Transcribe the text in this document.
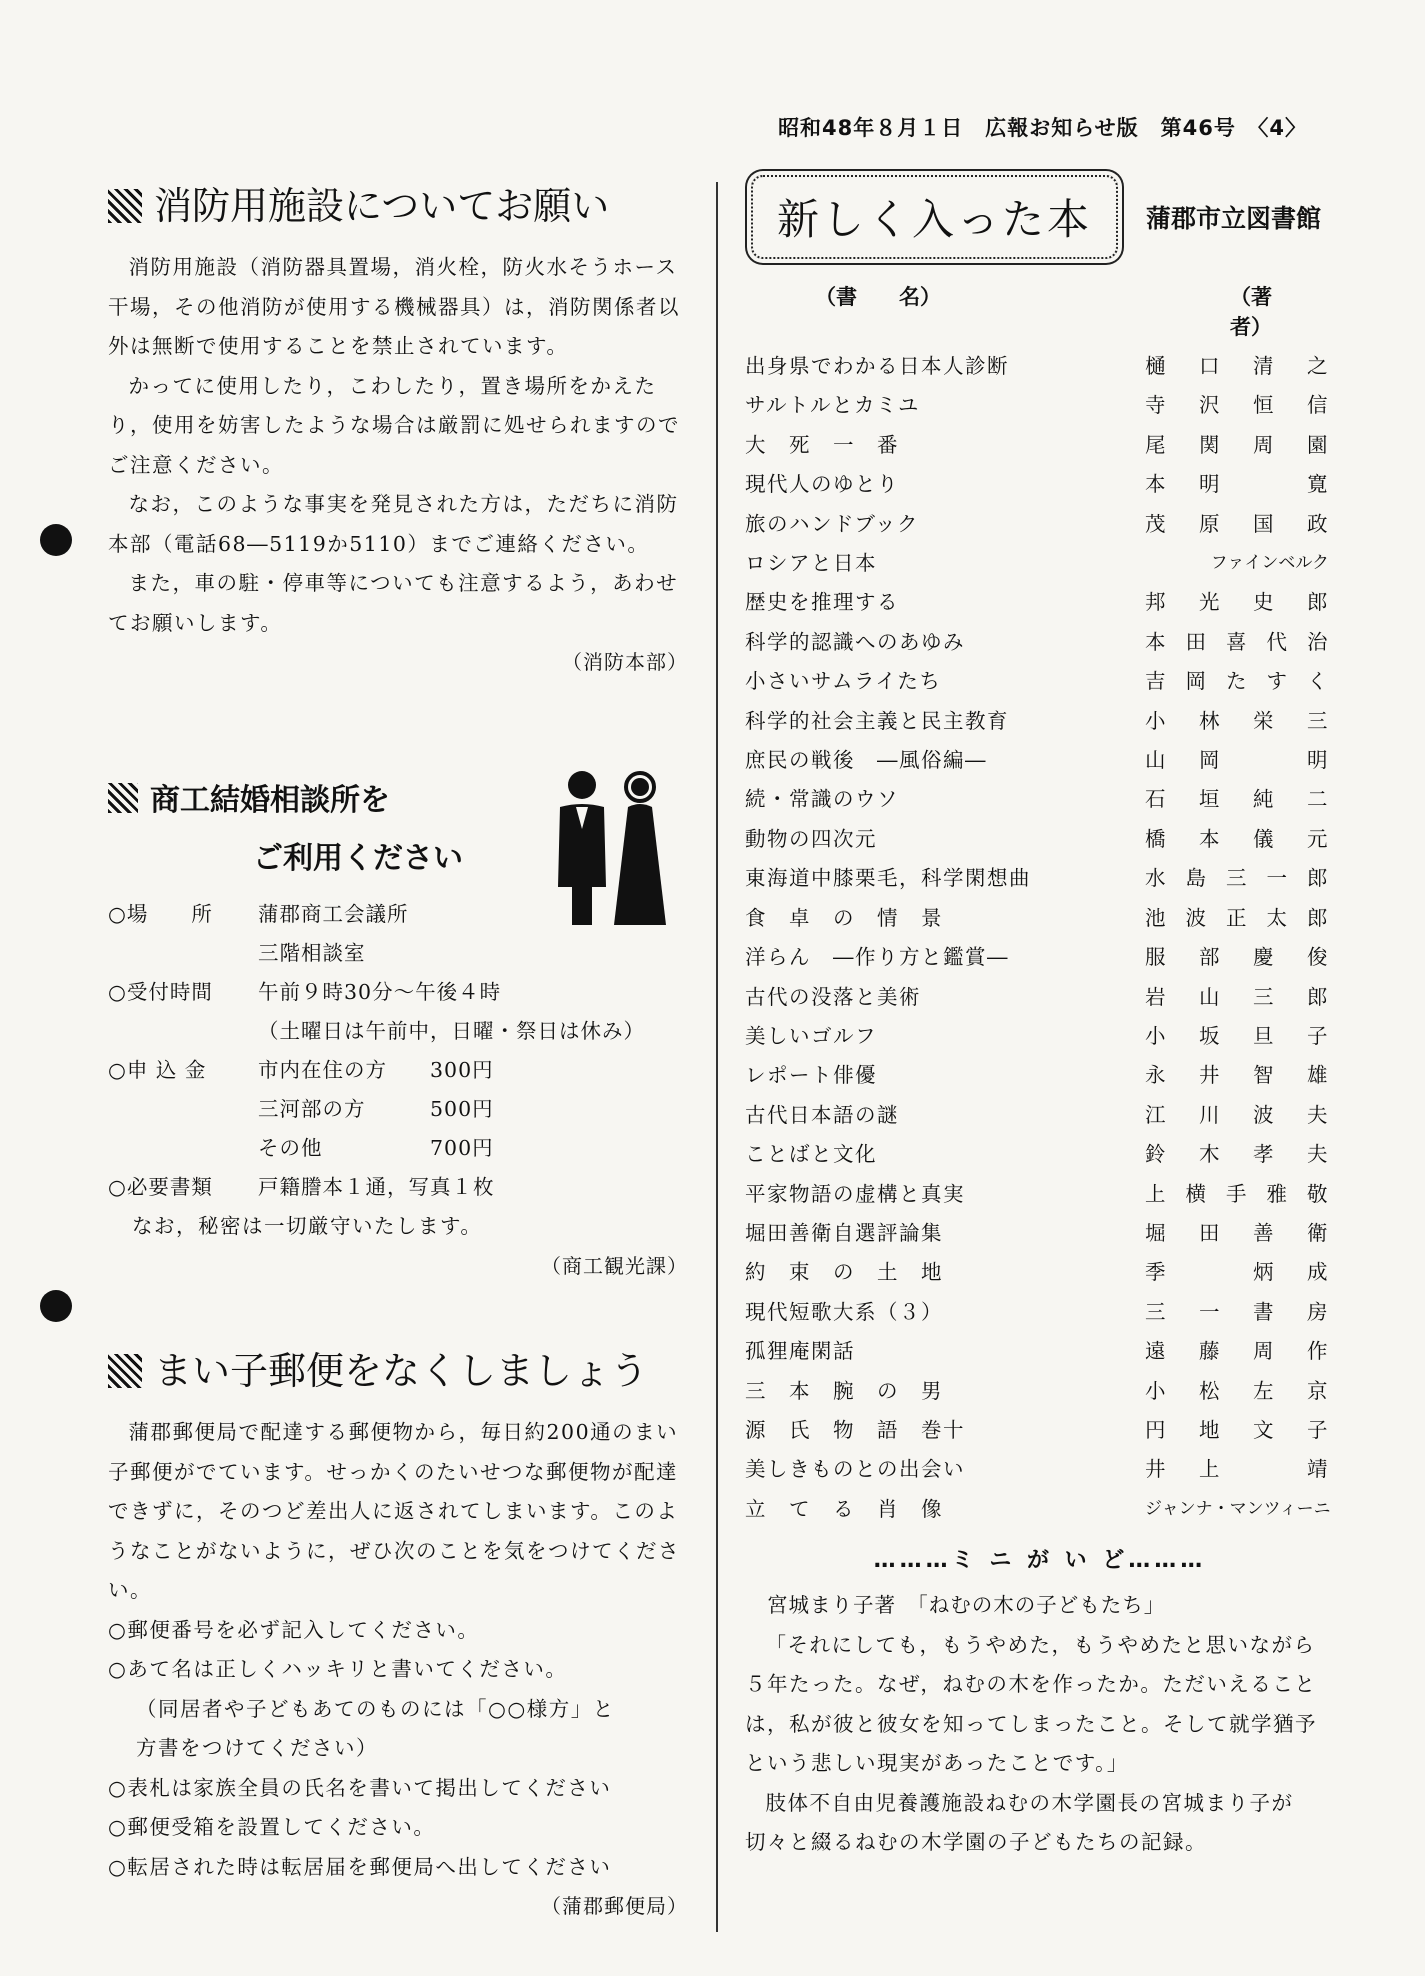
昭和48年８月１日　広報お知らせ版　第46号　〈4〉
消防用施設についてお願い

消防用施設（消防器具置場，消火栓，防火水そうホース干場，その他消防が使用する機械器具）は，消防関係者以外は無断で使用することを禁止されています。

かってに使用したり，こわしたり，置き場所をかえたり，使用を妨害したような場合は厳罰に処せられますのでご注意ください。

なお，このような事実を発見された方は，ただちに消防本部（電話68―5119か5110）までご連絡ください。

また，車の駐・停車等についても注意するよう，あわせてお願いします。

（消防本部）
商工結婚相談所を
ご利用ください
○場　　所	蒲郡商工会議所
三階相談室
○受付時間	午前９時30分～午後４時
（土曜日は午前中，日曜・祭日は休み）
○申 込 金	市内在住の方	300円
三河部の方	500円
その他	700円
○必要書類	戸籍謄本１通，写真１枚

なお，秘密は一切厳守いたします。

（商工観光課）
まい子郵便をなくしましょう

蒲郡郵便局で配達する郵便物から，毎日約200通のまい子郵便がでています。せっかくのたいせつな郵便物が配達できずに，そのつど差出人に返されてしまいます。このようなことがないように，ぜひ次のことを気をつけてください。

○郵便番号を必ず記入してください。
○あて名は正しくハッキリと書いてください。
（同居者や子どもあてのものには「○○様方」と
方書をつけてください）
○表札は家族全員の氏名を書いて掲出してください
○郵便受箱を設置してください。
○転居された時は転居届を郵便局へ出してください
（蒲郡郵便局）
新しく入った本	蒲郡市立図書館
（書　　名）	（著　　者）
出身県でわかる日本人診断	樋口清之
サルトルとカミユ	寺沢恒信
大　死　一　番	尾関周園
現代人のゆとり	本明　寛
旅のハンドブック	茂原国政
ロシアと日本	ファインベルク
歴史を推理する	邦光史郎
科学的認識へのあゆみ	本田喜代治
小さいサムライたち	吉岡たすく
科学的社会主義と民主教育	小林栄三
庶民の戦後　―風俗編―	山岡　明
続・常識のウソ	石垣純二
動物の四次元	橋本儀元
東海道中膝栗毛，科学閑想曲	水島三一郎
食　卓　の　情　景	池波正太郎
洋らん　―作り方と鑑賞―	服部慶俊
古代の没落と美術	岩山三郎
美しいゴルフ	小坂旦子
レポート俳優	永井智雄
古代日本語の謎	江川波夫
ことばと文化	鈴木孝夫
平家物語の虚構と真実	上横手雅敬
堀田善衛自選評論集	堀田善衛
約　束　の　土　地	季　炳成
現代短歌大系（３）	三一書房
孤狸庵閑話	遠藤周作
三　本　腕　の　男	小松左京
源　氏　物　語　巻十	円地文子
美しきものとの出会い	井上　靖
立　て　る　肖　像	ジャンナ・マンツィーニ
………ミ ニ が い ど………
宮城まり子著　「ねむの木の子どもたち」

「それにしても，もうやめた，もうやめたと思いながら５年たった。なぜ，ねむの木を作ったか。ただいえることは，私が彼と彼女を知ってしまったこと。そして就学猶予という悲しい現実があったことです。」

肢体不自由児養護施設ねむの木学園長の宮城まり子が切々と綴るねむの木学園の子どもたちの記録。
